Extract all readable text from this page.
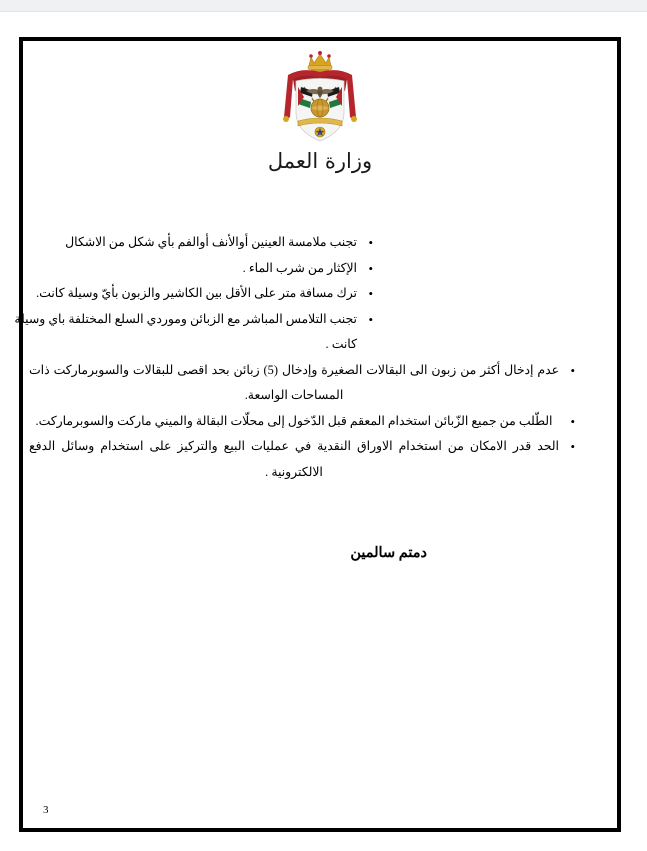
وزارة العمل
• تجنب ملامسة العينين أوالأنف أوالفم بأي شكل من الاشكال
• الإكثار من شرب الماء .
• ترك مسافة متر على الأقل بين الكاشير والزبون بأيّ وسيلة كانت.
• تجنب التلامس المباشر مع الزبائن وموردي السلع المختلفة باي وسيلة كانت .
• عدم إدخال أكثر من زبون الى البقالات الصغيرة وإدخال (5) زبائن بحد اقصى للبقالات والسوبرماركت ذات المساحات الواسعة.
• الطّلب من جميع الزّبائن استخدام المعقم قبل الدّخول إلى محلّات البقالة والميني ماركت والسوبرماركت.
• الحد قدر الامكان من استخدام الاوراق النقدية في عمليات البيع والتركيز على استخدام وسائل الدفع الالكترونية .
دمتم سالمين
3
